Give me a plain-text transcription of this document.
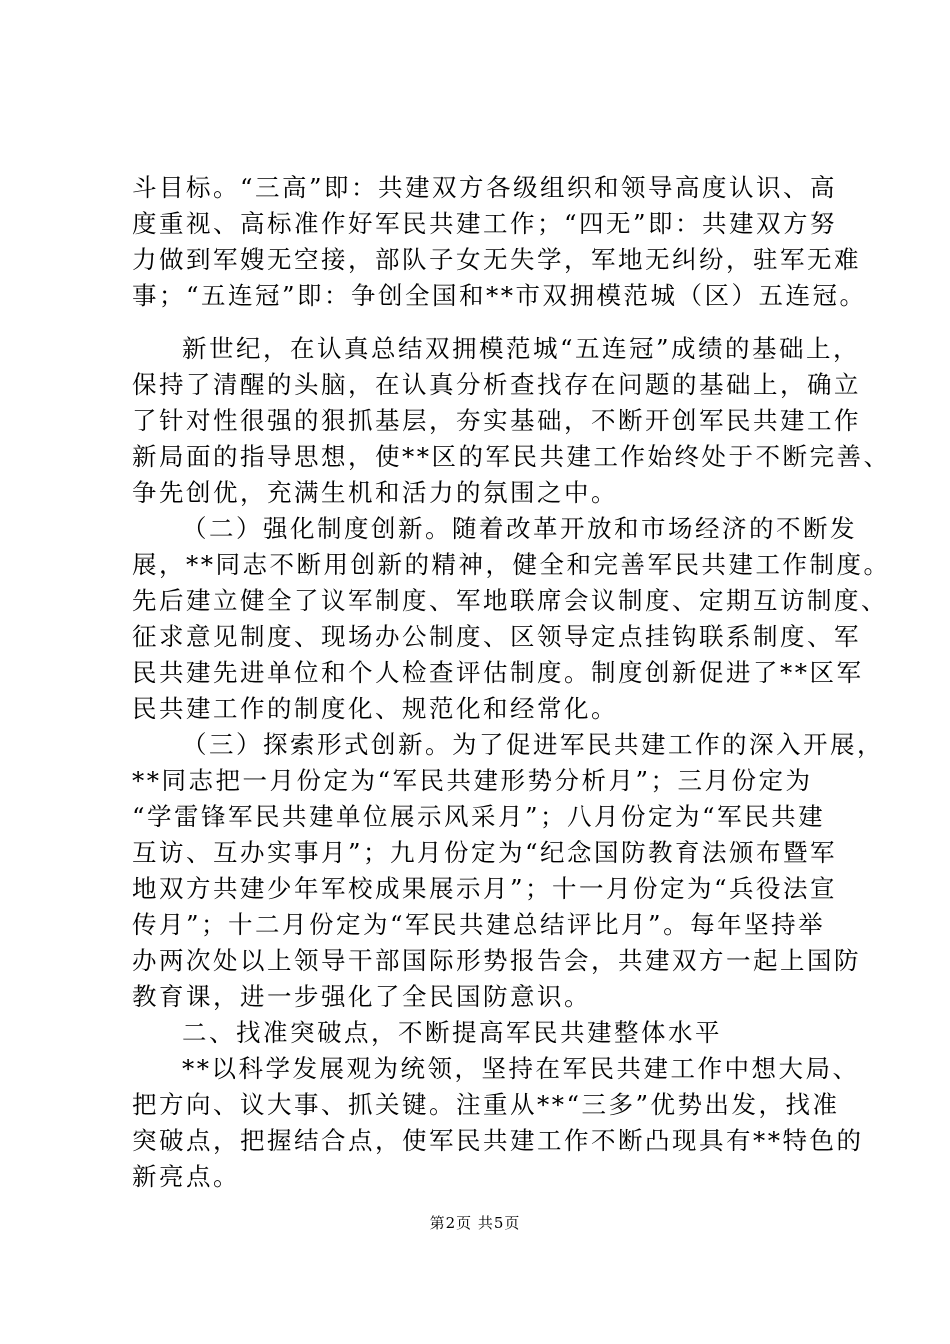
斗目标。“三高”即：共建双方各级组织和领导高度认识、高
度重视、高标准作好军民共建工作；“四无”即：共建双方努
力做到军嫂无空接，部队子女无失学，军地无纠纷，驻军无难
事；“五连冠”即：争创全国和**市双拥模范城（区）五连冠。
新世纪，在认真总结双拥模范城“五连冠”成绩的基础上，
保持了清醒的头脑，在认真分析查找存在问题的基础上，确立
了针对性很强的狠抓基层，夯实基础，不断开创军民共建工作
新局面的指导思想，使**区的军民共建工作始终处于不断完善、
争先创优，充满生机和活力的氛围之中。
（二）强化制度创新。随着改革开放和市场经济的不断发
展，**同志不断用创新的精神，健全和完善军民共建工作制度。
先后建立健全了议军制度、军地联席会议制度、定期互访制度、
征求意见制度、现场办公制度、区领导定点挂钩联系制度、军
民共建先进单位和个人检查评估制度。制度创新促进了**区军
民共建工作的制度化、规范化和经常化。
（三）探索形式创新。为了促进军民共建工作的深入开展，
**同志把一月份定为“军民共建形势分析月”；三月份定为
“学雷锋军民共建单位展示风采月”；八月份定为“军民共建
互访、互办实事月”；九月份定为“纪念国防教育法颁布暨军
地双方共建少年军校成果展示月”；十一月份定为“兵役法宣
传月”；十二月份定为“军民共建总结评比月”。每年坚持举
办两次处以上领导干部国际形势报告会，共建双方一起上国防
教育课，进一步强化了全民国防意识。
二、找准突破点，不断提高军民共建整体水平
**以科学发展观为统领，坚持在军民共建工作中想大局、
把方向、议大事、抓关键。注重从**“三多”优势出发，找准
突破点，把握结合点，使军民共建工作不断凸现具有**特色的
新亮点。
第2页 共5页
